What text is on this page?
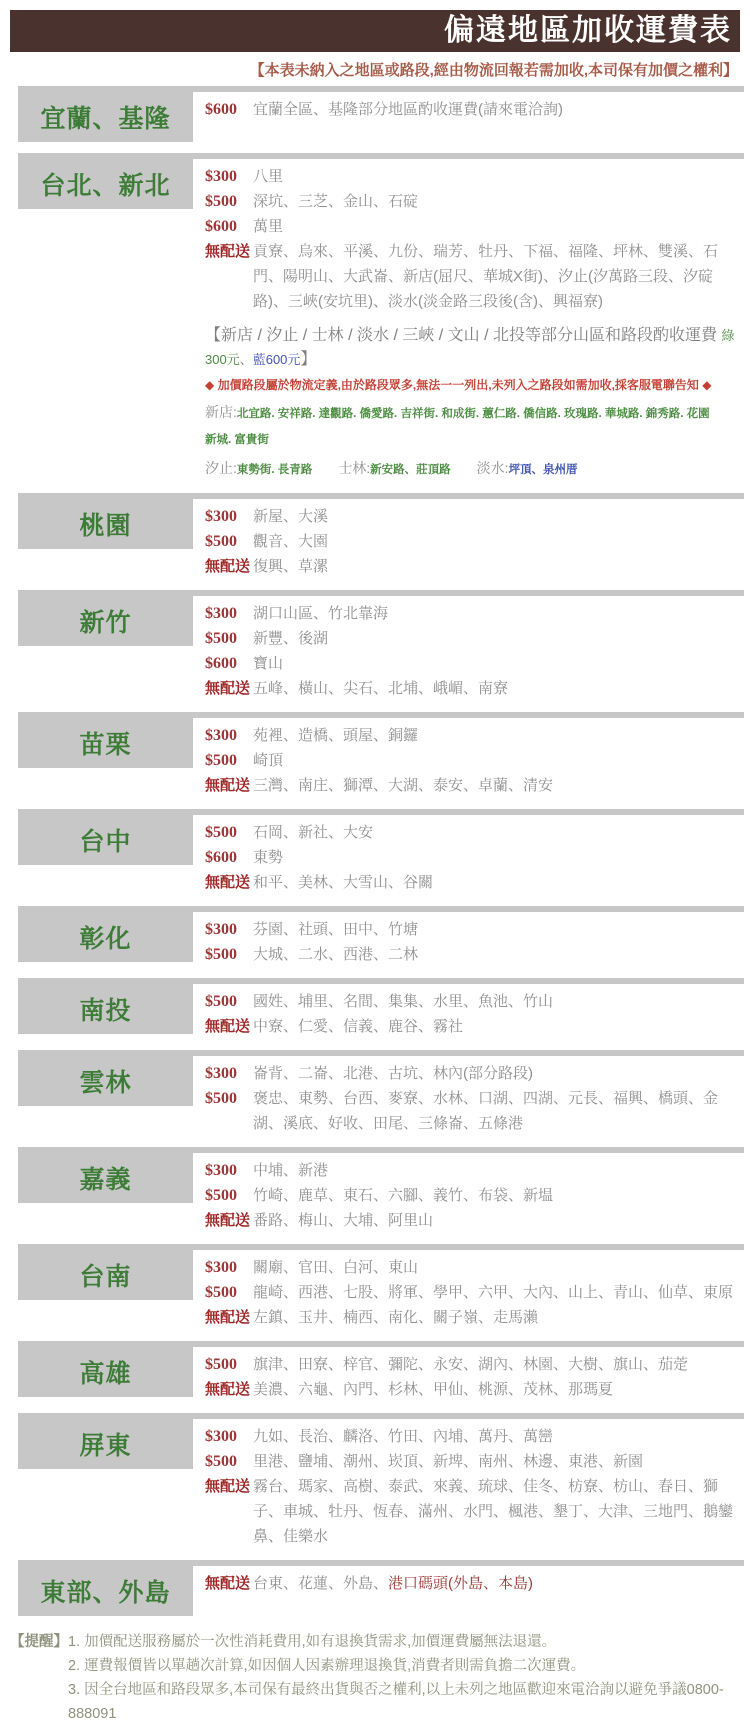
偏遠地區加收運費表
【本表未納入之地區或路段,經由物流回報若需加收,本司保有加價之權利】
宜蘭、基隆	$600	宜蘭全區、基隆部分地區酌收運費(請來電洽詢)
台北、新北	$300	八里
$500	深坑、三芝、金山、石碇
$600	萬里
無配送 貢寮、烏來、平溪、九份、瑞芳、牡丹、下福、福隆、坪林、雙溪、石門、陽明山、大武崙、新店(屈尺、華城X街)、汐止(汐萬路三段、汐碇路)、三峽(安坑里)、淡水(淡金路三段後(含)、興福寮)
【新店 / 汐止 / 士林 / 淡水 / 三峽 / 文山 / 北投等部分山區和路段酌收運費 綠300元、藍600元】
◆ 加價路段屬於物流定義,由於路段眾多,無法一一列出,未列入之路段如需加收,採客服電聯告知 ◆
新店:北宜路. 安祥路. 達觀路. 僑愛路. 吉祥街. 和成街. 蕙仁路. 僑信路. 玫瑰路. 華城路. 錦秀路. 花園新城. 富貴街
汐止:東勢街. 長青路 士林:新安路、莊頂路 淡水:坪頂、泉州厝
桃園	$300	新屋、大溪
$500	觀音、大園
無配送 復興、草漯
新竹	$300	湖口山區、竹北靠海
$500	新豐、後湖
$600	寶山
無配送 五峰、橫山、尖石、北埔、峨嵋、南寮
苗栗	$300	苑裡、造橋、頭屋、銅鑼
$500	崎頂
無配送 三灣、南庄、獅潭、大湖、泰安、卓蘭、清安
台中	$500	石岡、新社、大安
$600	東勢
無配送 和平、美林、大雪山、谷關
彰化	$300	芬園、社頭、田中、竹塘
$500	大城、二水、西港、二林
南投	$500	國姓、埔里、名間、集集、水里、魚池、竹山
無配送 中寮、仁愛、信義、鹿谷、霧社
雲林	$300	崙背、二崙、北港、古坑、林內(部分路段)
$500	褒忠、東勢、台西、麥寮、水林、口湖、四湖、元長、福興、橋頭、金湖、溪底、好收、田尾、三條崙、五條港
嘉義	$300	中埔、新港
$500	竹崎、鹿草、東石、六腳、義竹、布袋、新塭
無配送 番路、梅山、大埔、阿里山
台南	$300	關廟、官田、白河、東山
$500	龍崎、西港、七股、將軍、學甲、六甲、大內、山上、青山、仙草、東原
無配送 左鎮、玉井、楠西、南化、關子嶺、走馬瀨
高雄	$500	旗津、田寮、梓官、彌陀、永安、湖內、林園、大樹、旗山、茄萣
無配送 美濃、六龜、內門、杉林、甲仙、桃源、茂林、那瑪夏
屏東	$300	九如、長治、麟洛、竹田、內埔、萬丹、萬巒
$500	里港、鹽埔、潮州、崁頂、新埤、南州、林邊、東港、新園
無配送 霧台、瑪家、高樹、泰武、來義、琉球、佳冬、枋寮、枋山、春日、獅子、車城、牡丹、恆春、滿州、水門、楓港、墾丁、大津、三地門、鵝鑾鼻、佳樂水
東部、外島	無配送 台東、花蓮、外島、港口碼頭(外島、本島)
【提醒】 1. 加價配送服務屬於一次性消耗費用,如有退換貨需求,加價運費屬無法退還。
2. 運費報價皆以單趟次計算,如因個人因素辦理退換貨,消費者則需負擔二次運費。
3. 因全台地區和路段眾多,本司保有最終出貨與否之權利,以上未列之地區歡迎來電洽詢以避免爭議0800-888091
